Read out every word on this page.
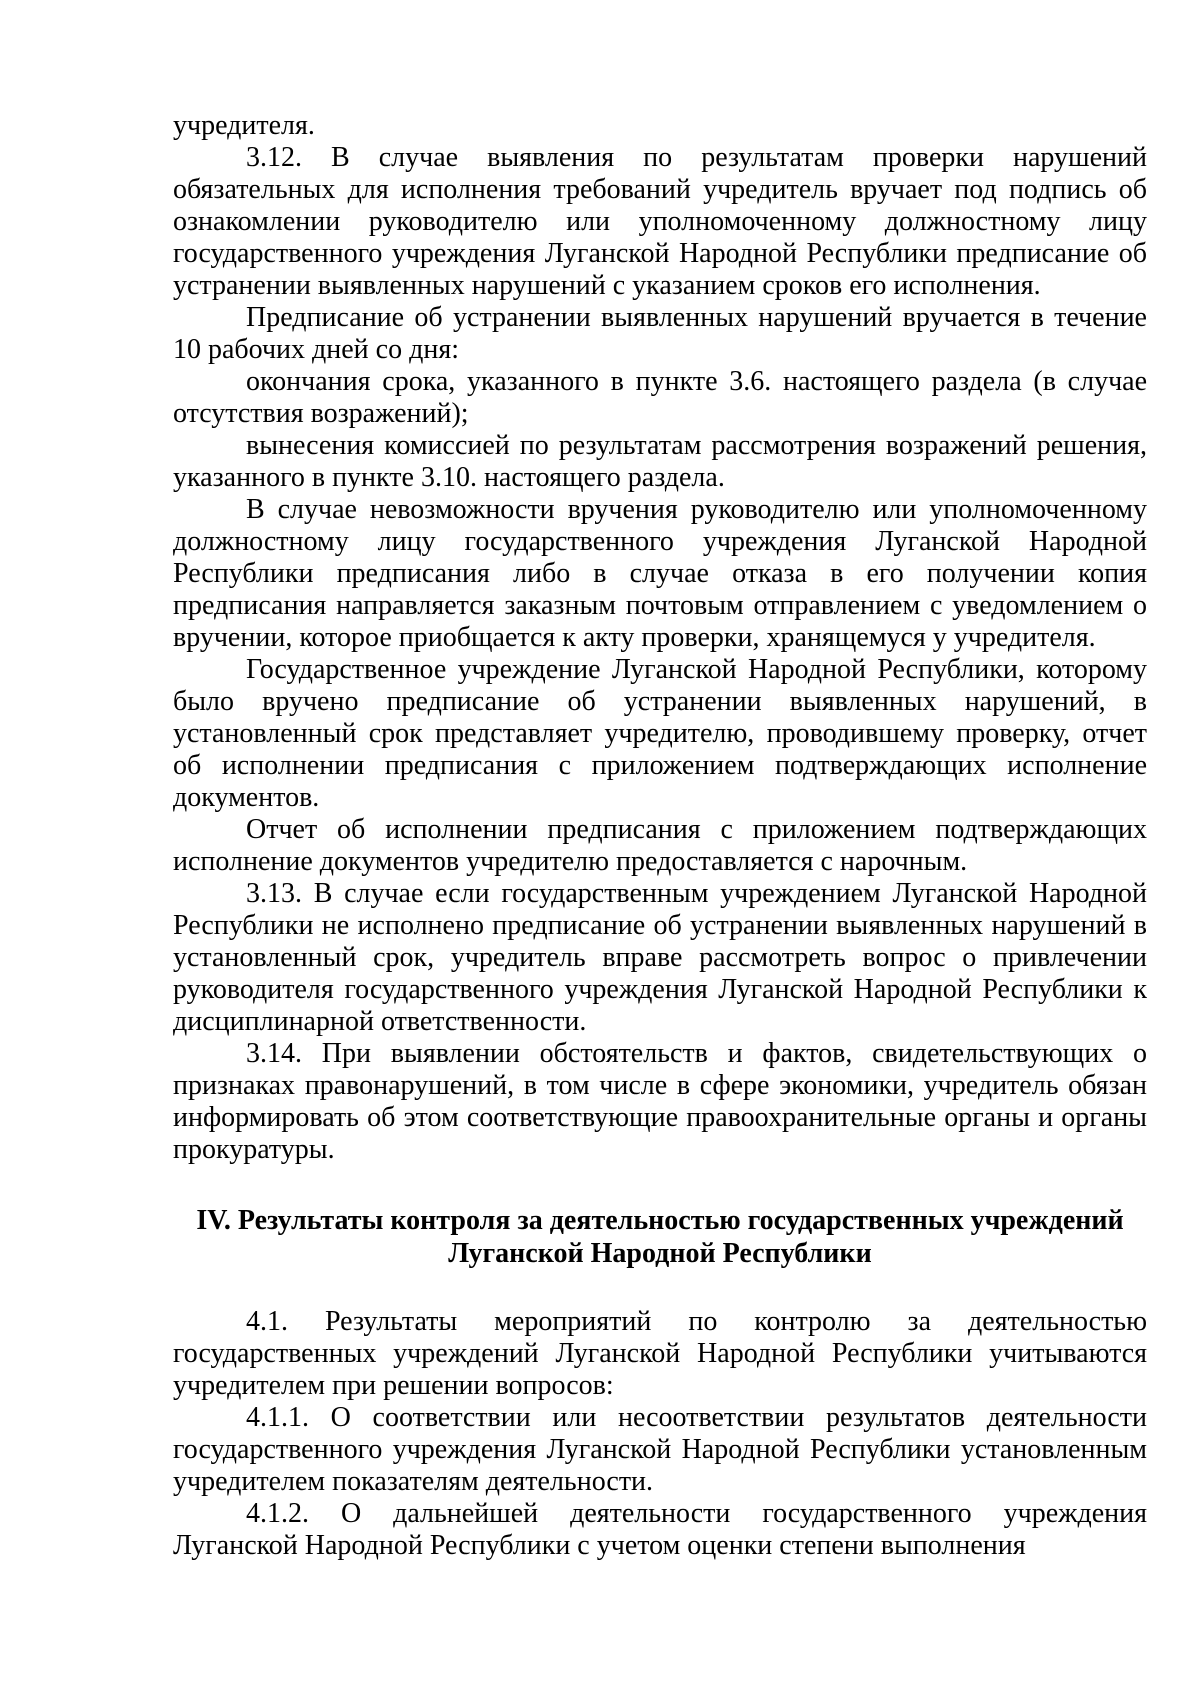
учредителя.

3.12. В случае выявления по результатам проверки нарушений обязательных для исполнения требований учредитель вручает под подпись об ознакомлении руководителю или уполномоченному должностному лицу государственного учреждения Луганской Народной Республики предписание об устранении выявленных нарушений с указанием сроков его исполнения.

Предписание об устранении выявленных нарушений вручается в течение 10 рабочих дней со дня:

окончания срока, указанного в пункте 3.6. настоящего раздела (в случае отсутствия возражений);

вынесения комиссией по результатам рассмотрения возражений решения, указанного в пункте 3.10. настоящего раздела.

В случае невозможности вручения руководителю или уполномоченному должностному лицу государственного учреждения Луганской Народной Республики предписания либо в случае отказа в его получении копия предписания направляется заказным почтовым отправлением с уведомлением о вручении, которое приобщается к акту проверки, хранящемуся у учредителя.

Государственное учреждение Луганской Народной Республики, которому было вручено предписание об устранении выявленных нарушений, в установленный срок представляет учредителю, проводившему проверку, отчет об исполнении предписания с приложением подтверждающих исполнение документов.

Отчет об исполнении предписания с приложением подтверждающих исполнение документов учредителю предоставляется с нарочным.

3.13. В случае если государственным учреждением Луганской Народной Республики не исполнено предписание об устранении выявленных нарушений в установленный срок, учредитель вправе рассмотреть вопрос о привлечении руководителя государственного учреждения Луганской Народной Республики к дисциплинарной ответственности.

3.14. При выявлении обстоятельств и фактов, свидетельствующих о признаках правонарушений, в том числе в сфере экономики, учредитель обязан информировать об этом соответствующие правоохранительные органы и органы прокуратуры.

IV. Результаты контроля за деятельностью государственных учреждений
Луганской Народной Республики

4.1. Результаты мероприятий по контролю за деятельностью государственных учреждений Луганской Народной Республики учитываются учредителем при решении вопросов:

4.1.1. О соответствии или несоответствии результатов деятельности государственного учреждения Луганской Народной Республики установленным учредителем показателям деятельности.

4.1.2. О дальнейшей деятельности государственного учреждения Луганской Народной Республики с учетом оценки степени выполнения
